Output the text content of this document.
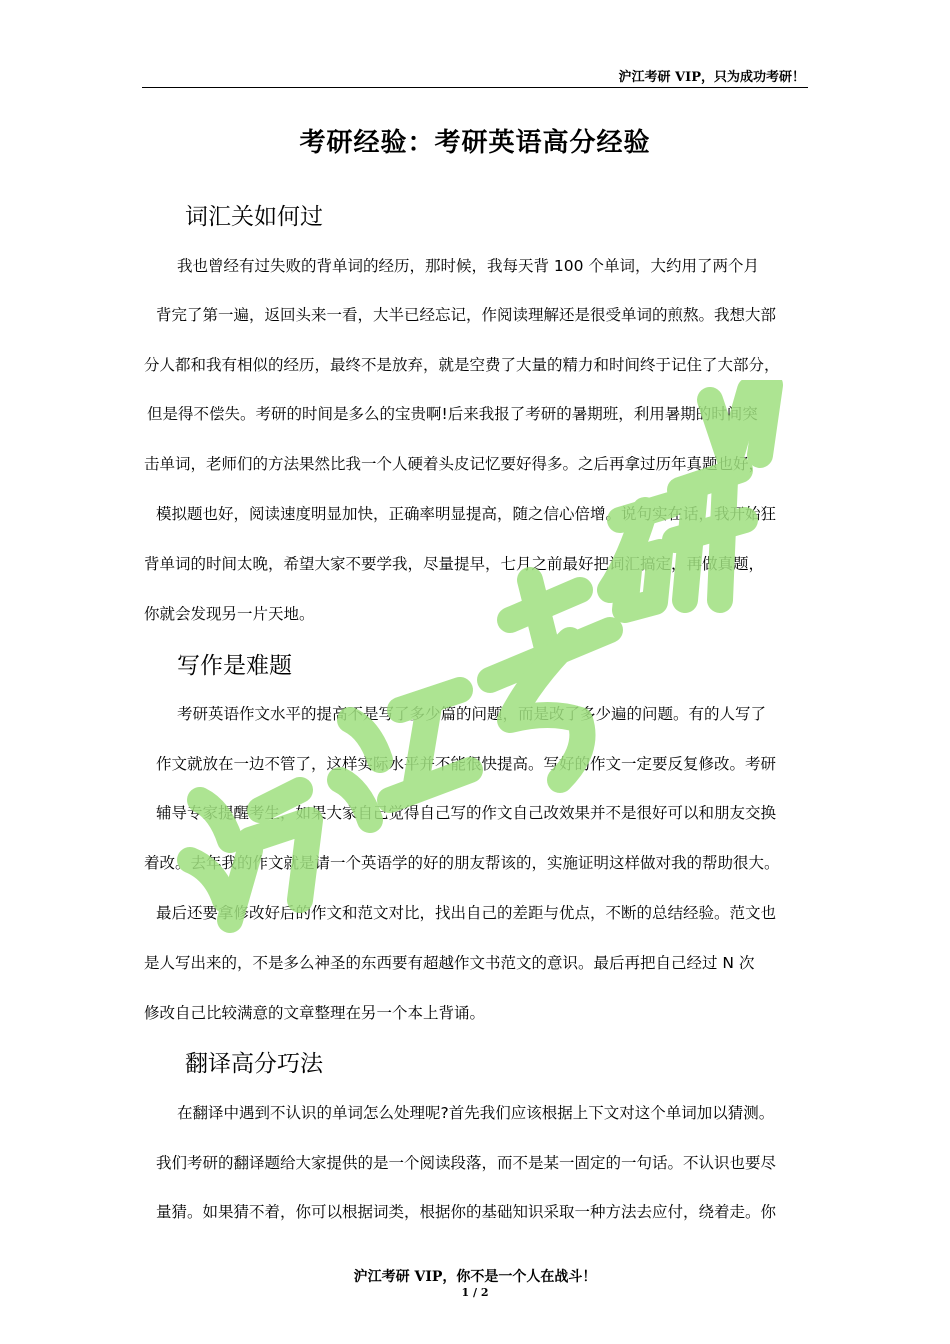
沪江考研 VIP，只为成功考研！
考研经验：考研英语高分经验
词汇关如何过
我也曾经有过失败的背单词的经历，那时候，我每天背 100 个单词，大约用了两个月
背完了第一遍，返回头来一看，大半已经忘记，作阅读理解还是很受单词的煎熬。我想大部
分人都和我有相似的经历，最终不是放弃，就是空费了大量的精力和时间终于记住了大部分，
但是得不偿失。考研的时间是多么的宝贵啊!后来我报了考研的暑期班，利用暑期的时间突
击单词，老师们的方法果然比我一个人硬着头皮记忆要好得多。之后再拿过历年真题也好，
模拟题也好，阅读速度明显加快，正确率明显提高，随之信心倍增。说句实在话，我开始狂
背单词的时间太晚，希望大家不要学我，尽量提早，七月之前最好把词汇搞定，再做真题，
你就会发现另一片天地。
写作是难题
考研英语作文水平的提高不是写了多少篇的问题，而是改了多少遍的问题。有的人写了
作文就放在一边不管了，这样实际水平并不能很快提高。写好的作文一定要反复修改。考研
辅导专家提醒考生，如果大家自己觉得自己写的作文自己改效果并不是很好可以和朋友交换
着改。去年我的作文就是请一个英语学的好的朋友帮该的，实施证明这样做对我的帮助很大。
最后还要拿修改好后的作文和范文对比，找出自己的差距与优点，不断的总结经验。范文也
是人写出来的，不是多么神圣的东西要有超越作文书范文的意识。最后再把自己经过 N 次
修改自己比较满意的文章整理在另一个本上背诵。
翻译高分巧法
在翻译中遇到不认识的单词怎么处理呢?首先我们应该根据上下文对这个单词加以猜测。
我们考研的翻译题给大家提供的是一个阅读段落，而不是某一固定的一句话。不认识也要尽
量猜。如果猜不着，你可以根据词类，根据你的基础知识采取一种方法去应付，绕着走。你
沪江考研 VIP，你不是一个人在战斗！
1 / 2
